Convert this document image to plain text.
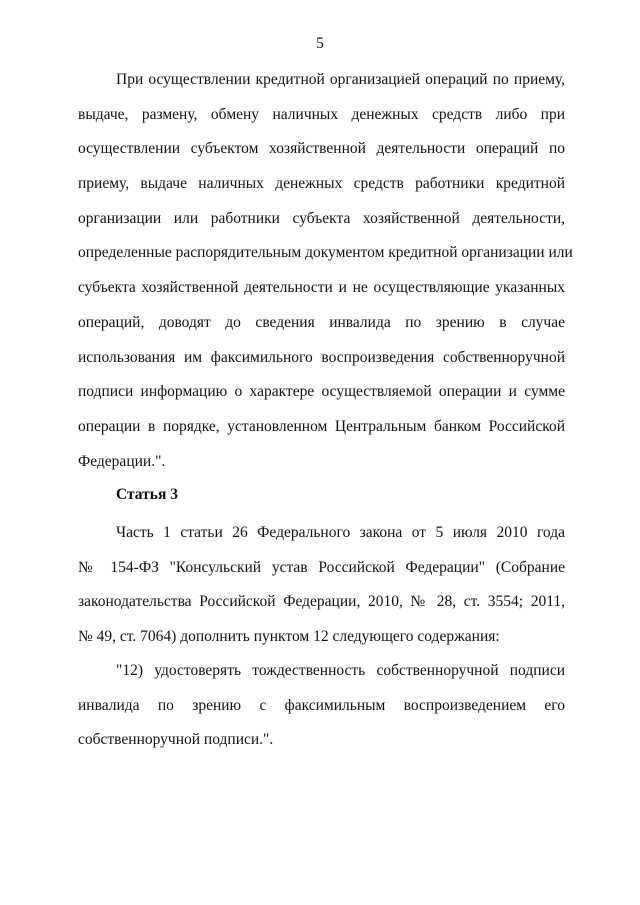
5
При осуществлении кредитной организацией операций по приему,
выдаче, размену, обмену наличных денежных средств либо при
осуществлении субъектом хозяйственной деятельности операций по
приему, выдаче наличных денежных средств работники кредитной
организации или работники субъекта хозяйственной деятельности,
определенные распорядительным документом кредитной организации или
субъекта хозяйственной деятельности и не осуществляющие указанных
операций, доводят до сведения инвалида по зрению в случае
использования им факсимильного воспроизведения собственноручной
подписи информацию о характере осуществляемой операции и сумме
операции в порядке, установленном Центральным банком Российской
Федерации.".
Статья 3
Часть 1 статьи 26 Федерального закона от 5 июля 2010 года
№ 154-ФЗ "Консульский устав Российской Федерации" (Собрание
законодательства Российской Федерации, 2010, № 28, ст. 3554; 2011,
№ 49, ст. 7064) дополнить пунктом 12 следующего содержания:
"12) удостоверять тождественность собственноручной подписи
инвалида по зрению с факсимильным воспроизведением его
собственноручной подписи.".
